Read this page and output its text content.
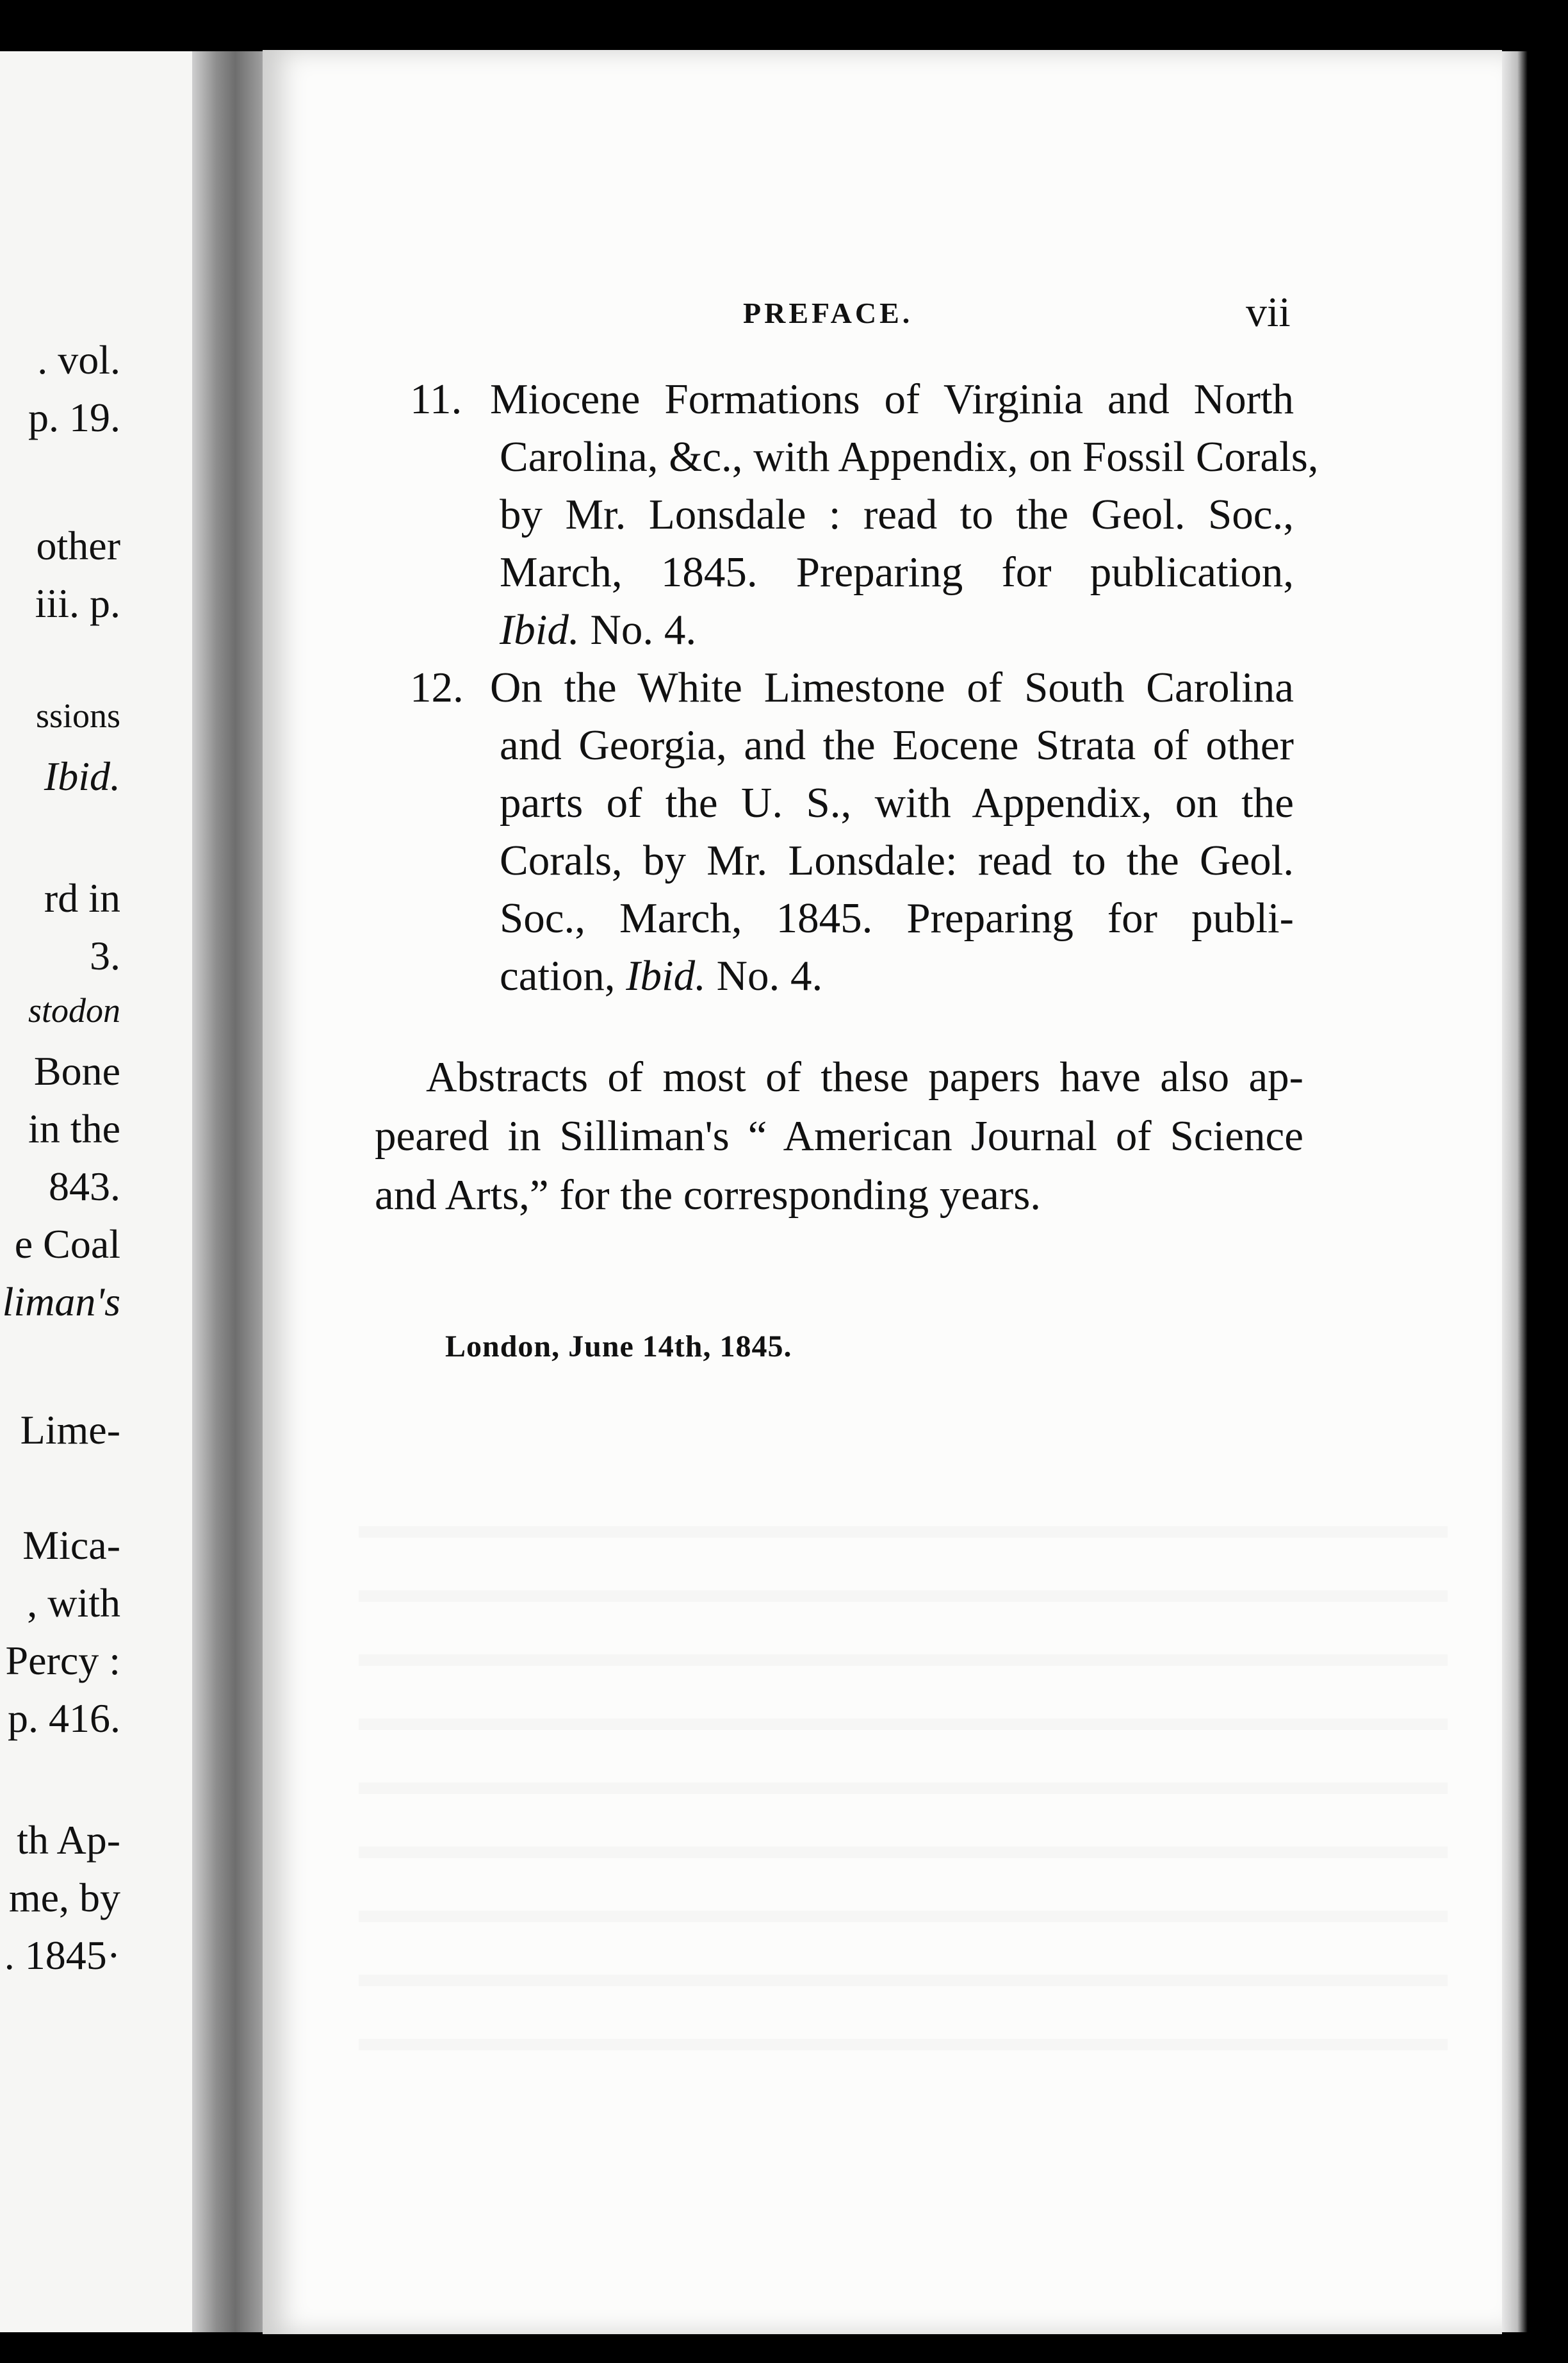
. vol.
p. 19.
other
iii. p.
ssions
Ibid.
rd in
3.
stodon
Bone
in the
843.
e Coal
liman's
Lime-
Mica-
, with
Percy :
p. 416.
th Ap-
me, by
. 1845·
PREFACE.	vii
11. Miocene Formations of Virginia and North
Carolina, &c., with Appendix, on Fossil Corals,
by Mr. Lonsdale : read to the Geol. Soc.,
March, 1845. Preparing for publication,
Ibid. No. 4.
12. On the White Limestone of South Carolina
and Georgia, and the Eocene Strata of other
parts of the U. S., with Appendix, on the
Corals, by Mr. Lonsdale: read to the Geol.
Soc., March, 1845. Preparing for publi-
cation, Ibid. No. 4.
Abstracts of most of these papers have also ap-
peared in Silliman's “ American Journal of Science
and Arts,” for the corresponding years.
London, June 14th, 1845.
